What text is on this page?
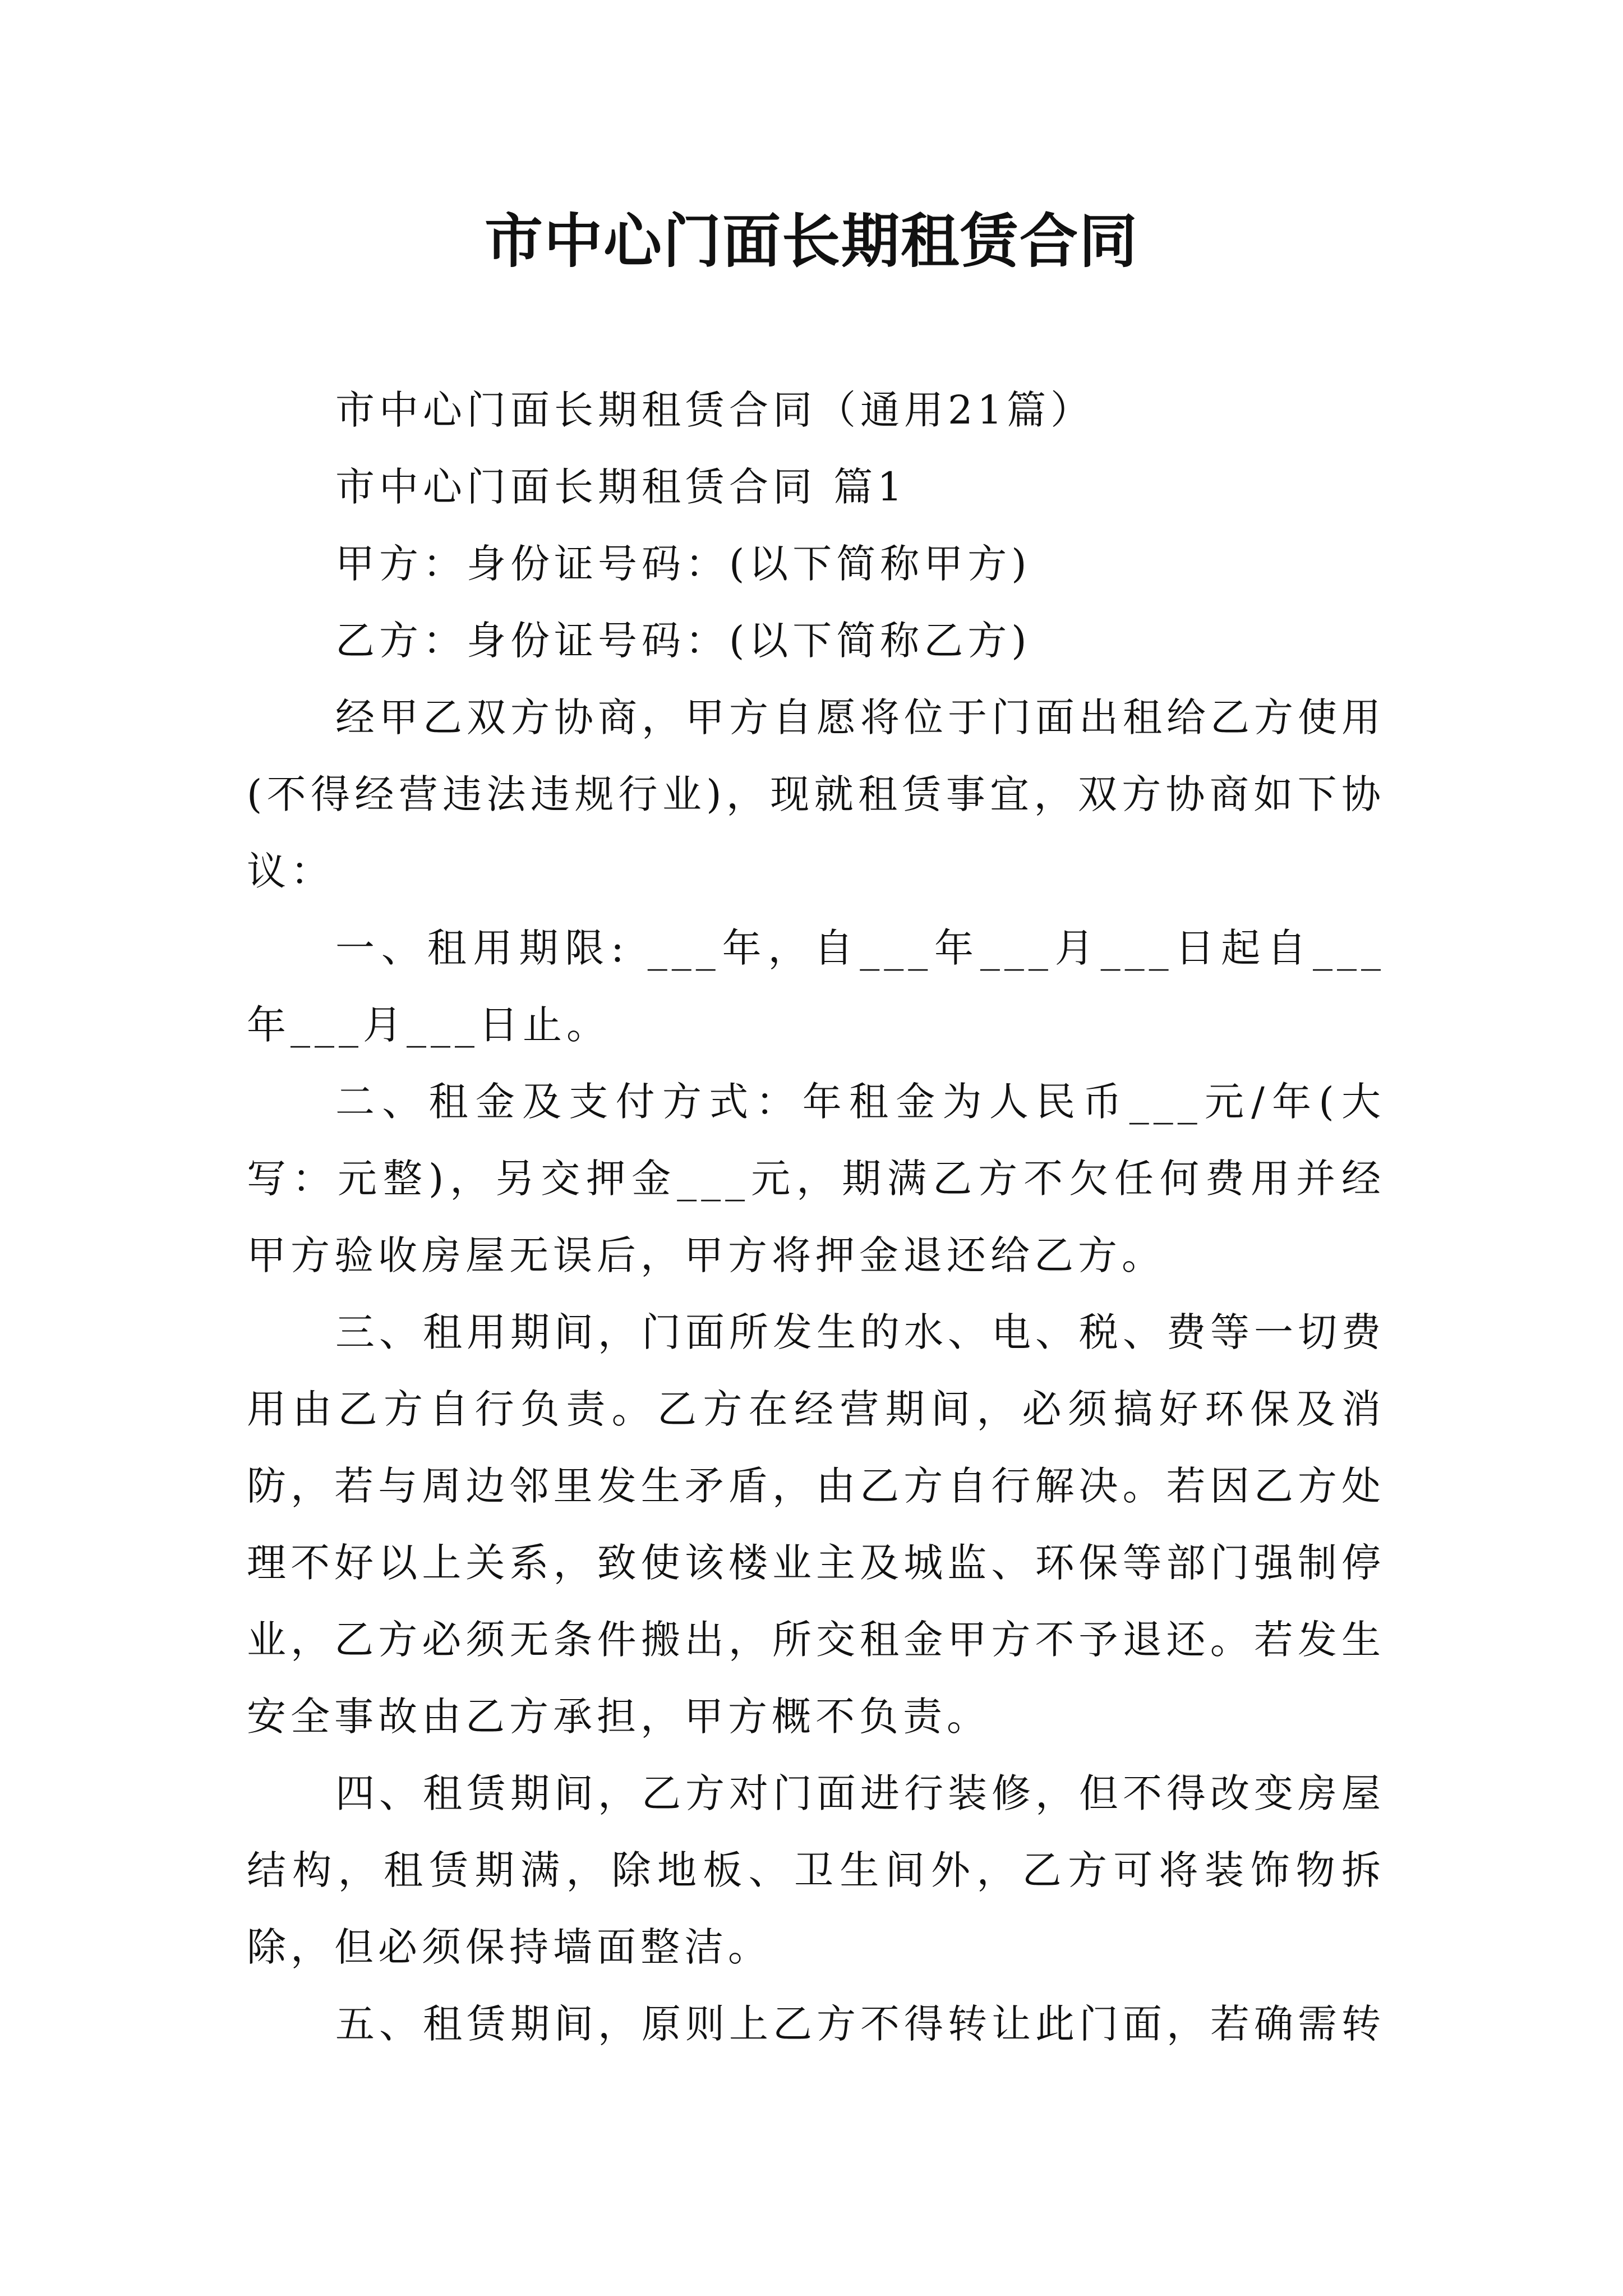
市中心门面长期租赁合同

市中心门面长期租赁合同（通用21篇）

市中心门面长期租赁合同 篇1

甲方：身份证号码：(以下简称甲方)

乙方：身份证号码：(以下简称乙方)

经甲乙双方协商，甲方自愿将位于门面出租给乙方使用(不得经营违法违规行业)，现就租赁事宜，双方协商如下协议：

一、租用期限: ___年，自___年___月___日起自___年___月___日止。

二、租金及支付方式：年租金为人民币___元/年(大写：元整)，另交押金___元，期满乙方不欠任何费用并经甲方验收房屋无误后，甲方将押金退还给乙方。

三、租用期间，门面所发生的水、电、税、费等一切费用由乙方自行负责。乙方在经营期间，必须搞好环保及消防，若与周边邻里发生矛盾，由乙方自行解决。若因乙方处理不好以上关系，致使该楼业主及城监、环保等部门强制停业，乙方必须无条件搬出，所交租金甲方不予退还。若发生安全事故由乙方承担，甲方概不负责。

四、租赁期间，乙方对门面进行装修，但不得改变房屋结构，租赁期满，除地板、卫生间外，乙方可将装饰物拆除，但必须保持墙面整洁。

五、租赁期间，原则上乙方不得转让此门面，若确需转
